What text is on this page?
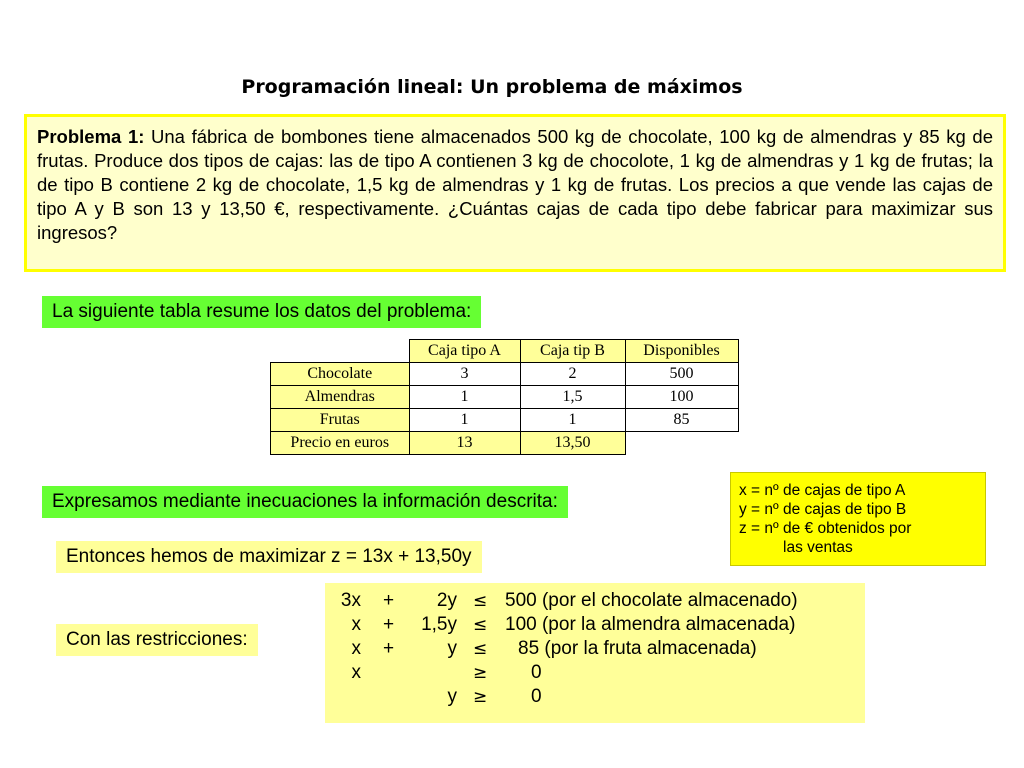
Programación lineal: Un problema de máximos
Problema 1: Una fábrica de bombones tiene almacenados 500 kg de chocolate, 100 kg de almendras y 85 kg de frutas. Produce dos tipos de cajas: las de tipo A contienen 3 kg de chocolote, 1 kg de almendras y 1 kg de frutas; la de tipo B contiene 2 kg de chocolate, 1,5 kg de almendras y 1 kg de frutas. Los precios a que vende las cajas de tipo A y B son 13 y 13,50 €, respectivamente. ¿Cuántas cajas de cada tipo debe fabricar para maximizar sus ingresos?
La siguiente tabla resume los datos del problema:
	Caja tipo A	Caja tip B	Disponibles
Chocolate	3	2	500
Almendras	1	1,5	100
Frutas	1	1	85
Precio en euros	13	13,50	
Expresamos mediante inecuaciones la información descrita:
x = nº de cajas de tipo A
y = nº de cajas de tipo B
z = nº de € obtenidos por
las ventas
Entonces hemos de maximizar z = 13x + 13,50y
Con las restricciones:
3x +	2y ≤ 500 (por el chocolate almacenado)
x +	1,5y ≤ 100 (por la almendra almacenada)
x +	y ≤ 85 (por la fruta almacenada)
x	≥ 0
y ≥ 0
